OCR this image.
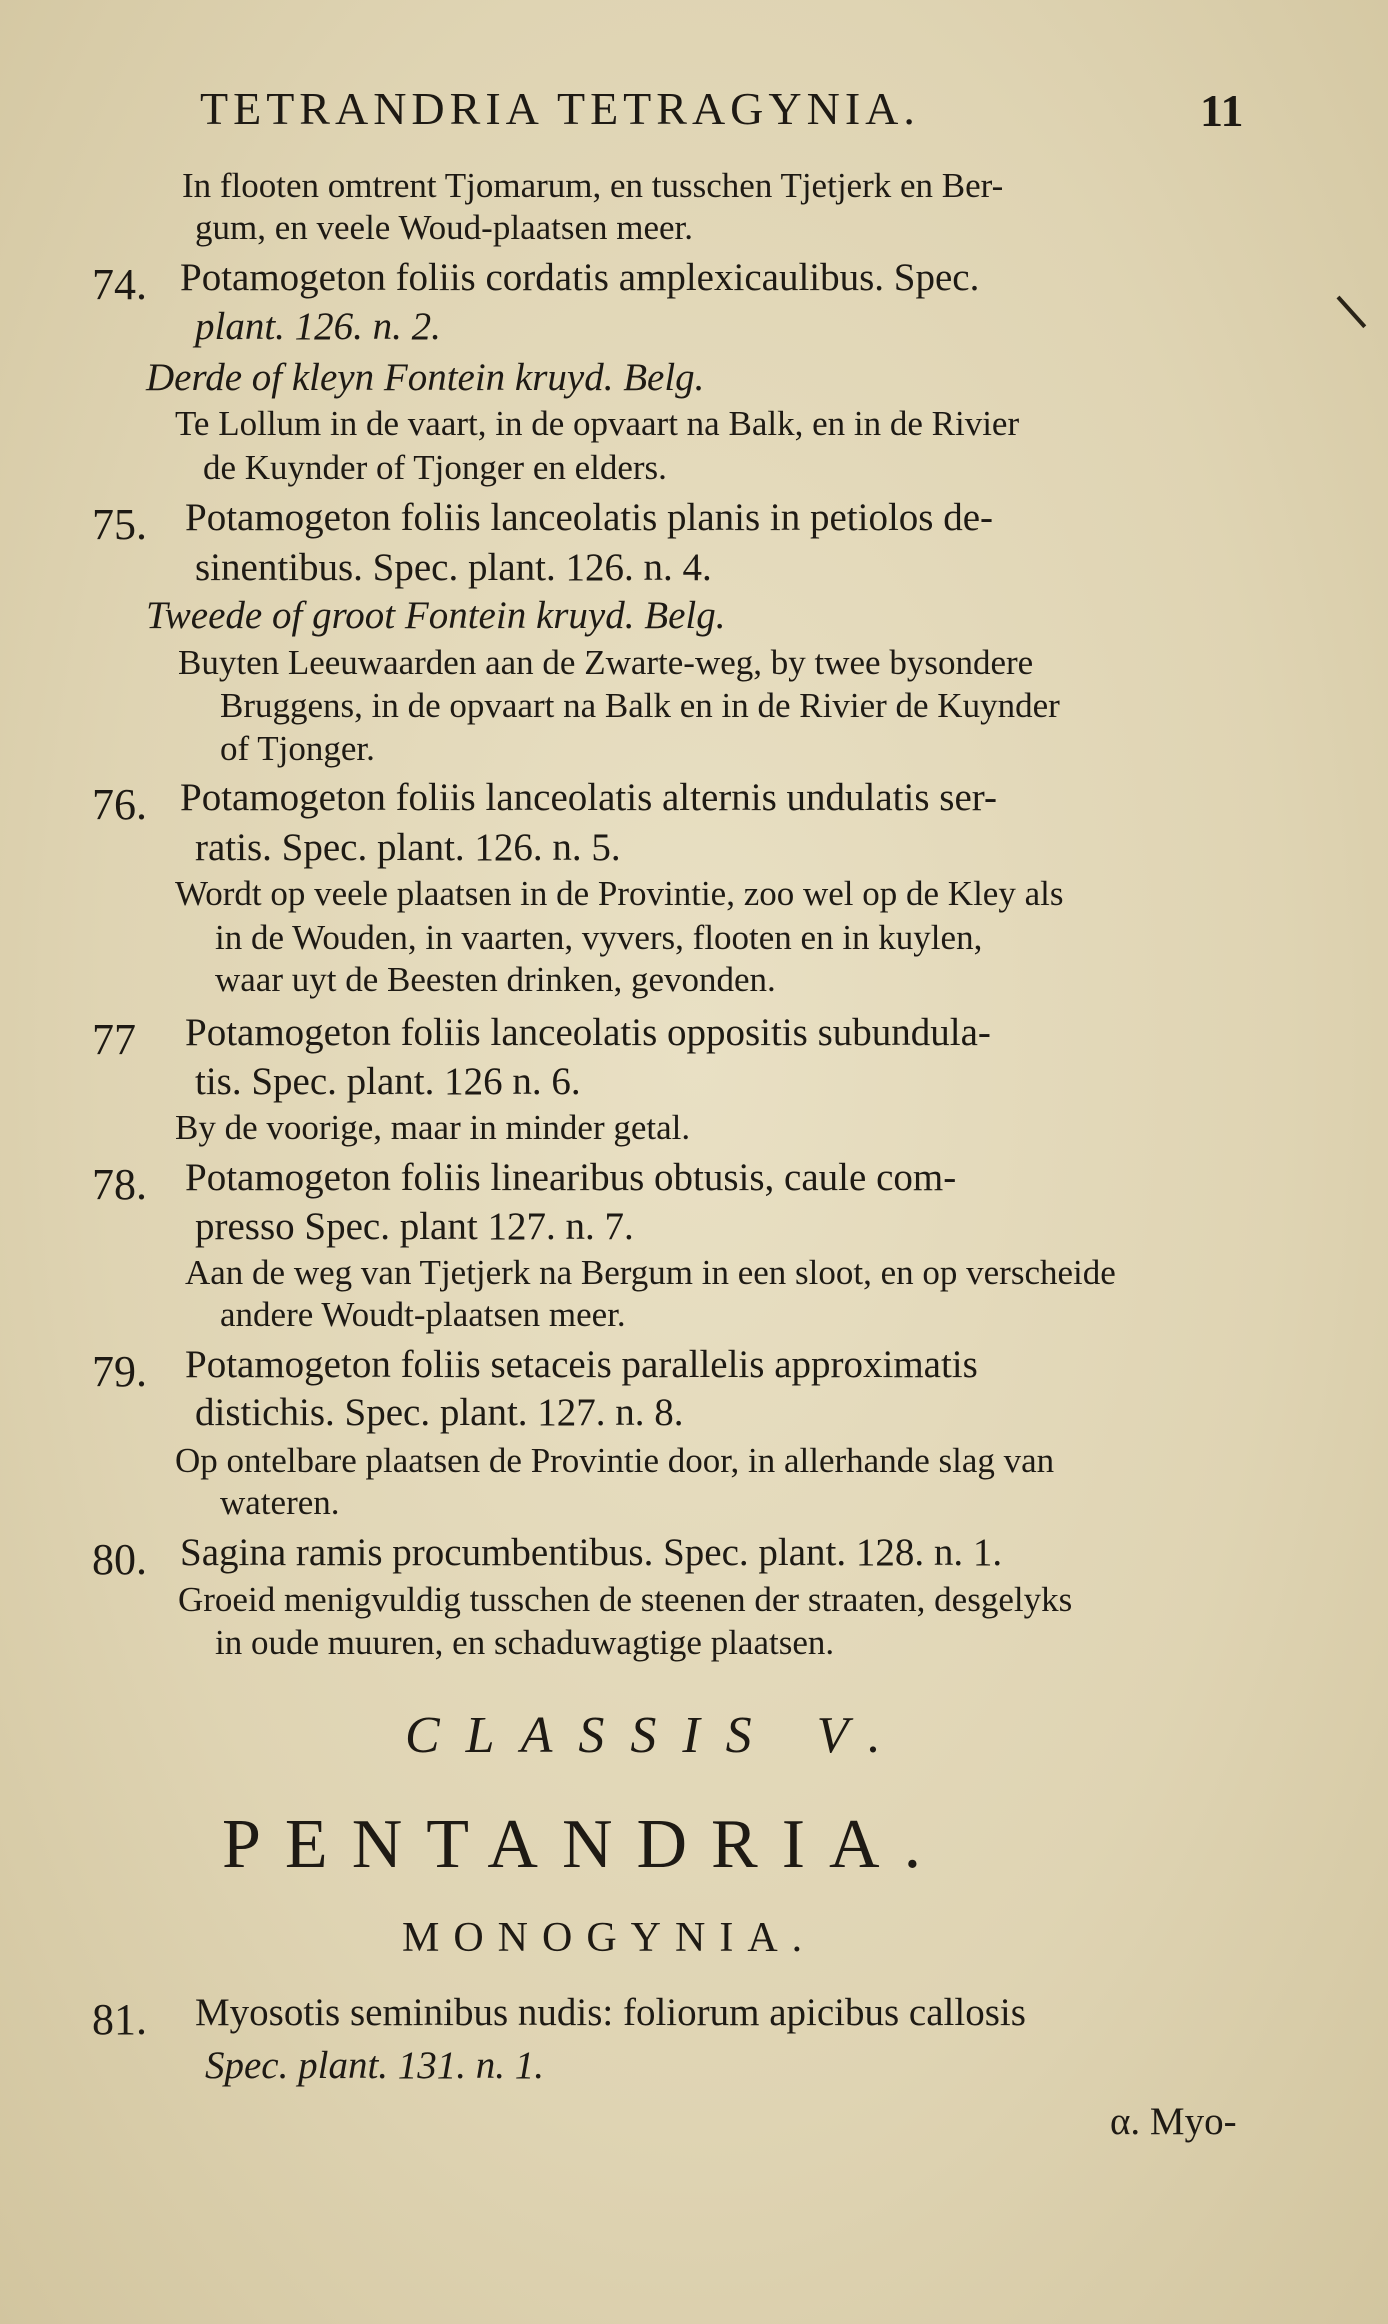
TETRANDRIA TETRAGYNIA.	11
In flooten omtrent Tjomarum, en tusschen Tjetjerk en Ber-
gum, en veele Woud-plaatsen meer.
74. Potamogeton foliis cordatis amplexicaulibus. Spec.
plant. 126. n. 2.
Derde of kleyn Fontein kruyd. Belg.
Te Lollum in de vaart, in de opvaart na Balk, en in de Rivier
de Kuynder of Tjonger en elders.
75. Potamogeton foliis lanceolatis planis in petiolos de-
sinentibus. Spec. plant. 126. n. 4.
Tweede of groot Fontein kruyd. Belg.
Buyten Leeuwaarden aan de Zwarte-weg, by twee bysondere
Bruggens, in de opvaart na Balk en in de Rivier de Kuynder
of Tjonger.
76. Potamogeton foliis lanceolatis alternis undulatis ser-
ratis. Spec. plant. 126. n. 5.
Wordt op veele plaatsen in de Provintie, zoo wel op de Kley als
in de Wouden, in vaarten, vyvers, flooten en in kuylen,
waar uyt de Beesten drinken, gevonden.
77 Potamogeton foliis lanceolatis oppositis subundula-
tis. Spec. plant. 126 n. 6.
By de voorige, maar in minder getal.
78. Potamogeton foliis linearibus obtusis, caule com-
presso Spec. plant 127. n. 7.
Aan de weg van Tjetjerk na Bergum in een sloot, en op verscheide
andere Woudt-plaatsen meer.
79. Potamogeton foliis setaceis parallelis approximatis
distichis. Spec. plant. 127. n. 8.
Op ontelbare plaatsen de Provintie door, in allerhande slag van
wateren.
80. Sagina ramis procumbentibus. Spec. plant. 128. n. 1.
Groeid menigvuldig tusschen de steenen der straaten, desgelyks
in oude muuren, en schaduwagtige plaatsen.
CLASSIS V.
PENTANDRIA.
MONOGYNIA.
81. Myosotis seminibus nudis: foliorum apicibus callosis
Spec. plant. 131. n. 1.
α. Myo-
